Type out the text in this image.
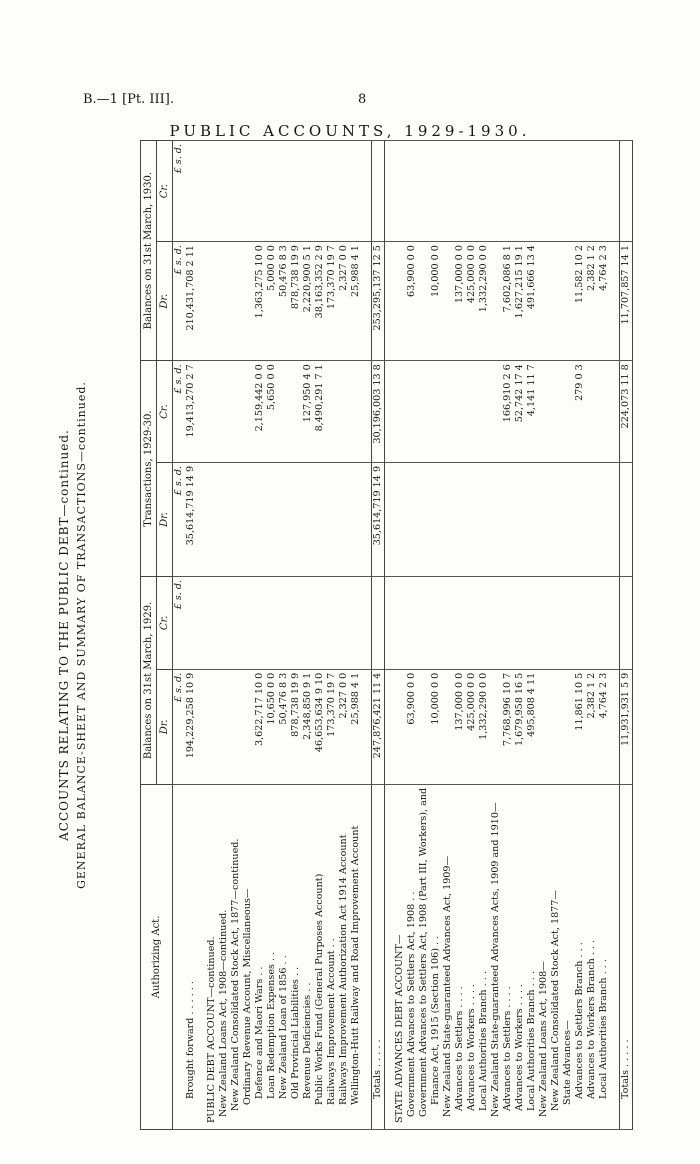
B.—1 [Pt. III].	8
PUBLIC ACCOUNTS, 1929-1930.
ACCOUNTS RELATING TO THE PUBLIC DEBT—continued. GENERAL BALANCE-SHEET AND SUMMARY OF TRANSACTIONS—continued.
Authorizing Act.	Balances on 31st March, 1929.		Transactions, 1929-30.		Balances on 31st March, 1930.	
	Dr.	Cr.	Dr.	Cr.	Dr.	Cr.
	£ s. d.	£ s. d.	£ s. d.	£ s. d.	£ s. d.	£ s. d.
Brought forward . . . . . .	194,229,258 10 9		35,614,719 14 9	19,413,270 2 7	210,431,708 2 11	

PUBLIC DEBT ACCOUNT—continued.						
New Zealand Loans Act, 1908—continued.						
New Zealand Consolidated Stock Act, 1877—continued.						
Ordinary Revenue Account, Miscellaneous—						
Defence and Maori Wars . .	3,622,717 10 0			2,159,442 0 0	1,363,275 10 0	
Loan Redemption Expenses . .	10,650 0 0			5,650 0 0	5,000 0 0	
New Zealand Loan of 1856 . .	50,476 8 3				50,476 8 3	
Old Provincial Liabilities . .	878,738 19 9				878,738 19 9	
Revenue Deficiencies . .	2,348,850 9 1			127,950 4 0	2,220,900 5 1	
Public Works Fund (General Purposes Account)	46,653,634 9 10			8,490,291 7 1	38,163,352 2 9	
Railways Improvement Account . .	173,370 19 7				173,370 19 7	
Railways Improvement Authorization Act 1914 Account	2,327 0 0				2,327 0 0	
Wellington-Hutt Railway and Road Improvement Account	25,988 4 1				25,988 4 1	

Totals . . . . .	247,876,421 11 4		35,614,719 14 9	30,196,003 13 8	253,295,137 12 5	

STATE ADVANCES DEBT ACCOUNT—						
Government Advances to Settlers Act, 1908 . .	63,900 0 0				63,900 0 0	
Government Advances to Settlers Act, 1908 (Part III, Workers), and						
Finance Act, 1915 (Section 106) . .	10,000 0 0				10,000 0 0	
New Zealand State-guaranteed Advances Act, 1909—						
Advances to Settlers . . . .	137,000 0 0				137,000 0 0	
Advances to Workers . . . .	425,000 0 0				425,000 0 0	
Local Authorities Branch . . .	1,332,290 0 0				1,332,290 0 0	
New Zealand State-guaranteed Advances Acts, 1909 and 1910—						
Advances to Settlers . . . .	7,768,996 10 7			166,910 2 6	7,602,086 8 1	
Advances to Workers . . . .	1,679,958 16 5			52,742 17 4	1,627,215 19 1	
Local Authorities Branch . . .	495,808 4 11			4,141 11 7	491,666 13 4	
New Zealand Loans Act, 1908—						
New Zealand Consolidated Stock Act, 1877—						
State Advances—						
Advances to Settlers Branch . . .	11,861 10 5			279 0 3	11,582 10 2	
Advances to Workers Branch . . .	2,382 1 2				2,382 1 2	
Local Authorities Branch . . .	4,764 2 3				4,764 2 3	

Totals . . . . .	11,931,931 5 9			224,073 11 8	11,707,857 14 1	
